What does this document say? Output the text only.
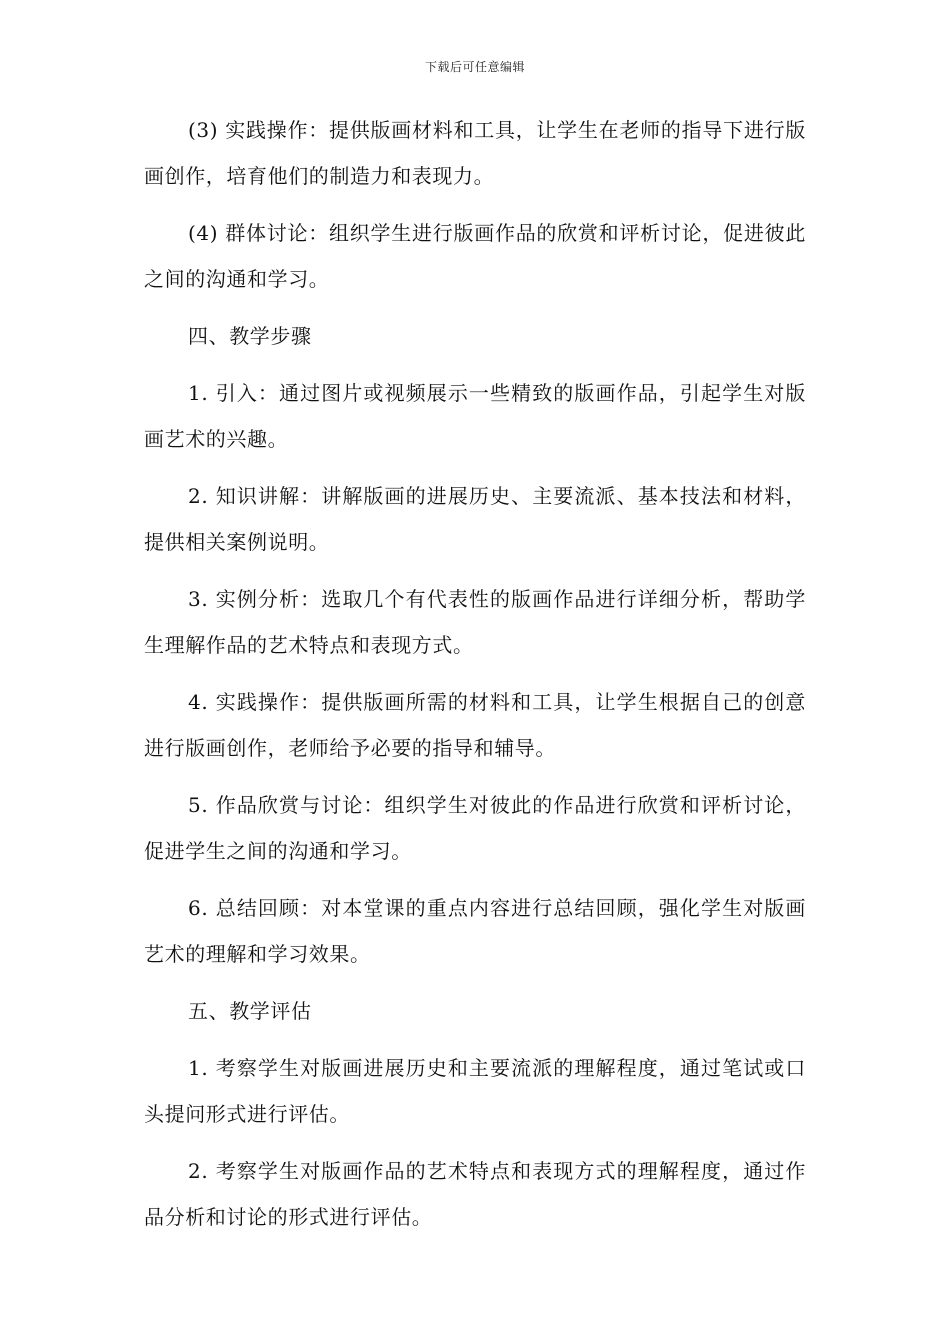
下载后可任意编辑

(3) 实践操作：提供版画材料和工具，让学生在老师的指导下进行版画创作，培育他们的制造力和表现力。

(4) 群体讨论：组织学生进行版画作品的欣赏和评析讨论，促进彼此之间的沟通和学习。

四、教学步骤

1. 引入：通过图片或视频展示一些精致的版画作品，引起学生对版画艺术的兴趣。

2. 知识讲解：讲解版画的进展历史、主要流派、基本技法和材料，提供相关案例说明。

3. 实例分析：选取几个有代表性的版画作品进行详细分析，帮助学生理解作品的艺术特点和表现方式。

4. 实践操作：提供版画所需的材料和工具，让学生根据自己的创意进行版画创作，老师给予必要的指导和辅导。

5. 作品欣赏与讨论：组织学生对彼此的作品进行欣赏和评析讨论，促进学生之间的沟通和学习。

6. 总结回顾：对本堂课的重点内容进行总结回顾，强化学生对版画艺术的理解和学习效果。

五、教学评估

1. 考察学生对版画进展历史和主要流派的理解程度，通过笔试或口头提问形式进行评估。

2. 考察学生对版画作品的艺术特点和表现方式的理解程度，通过作品分析和讨论的形式进行评估。
